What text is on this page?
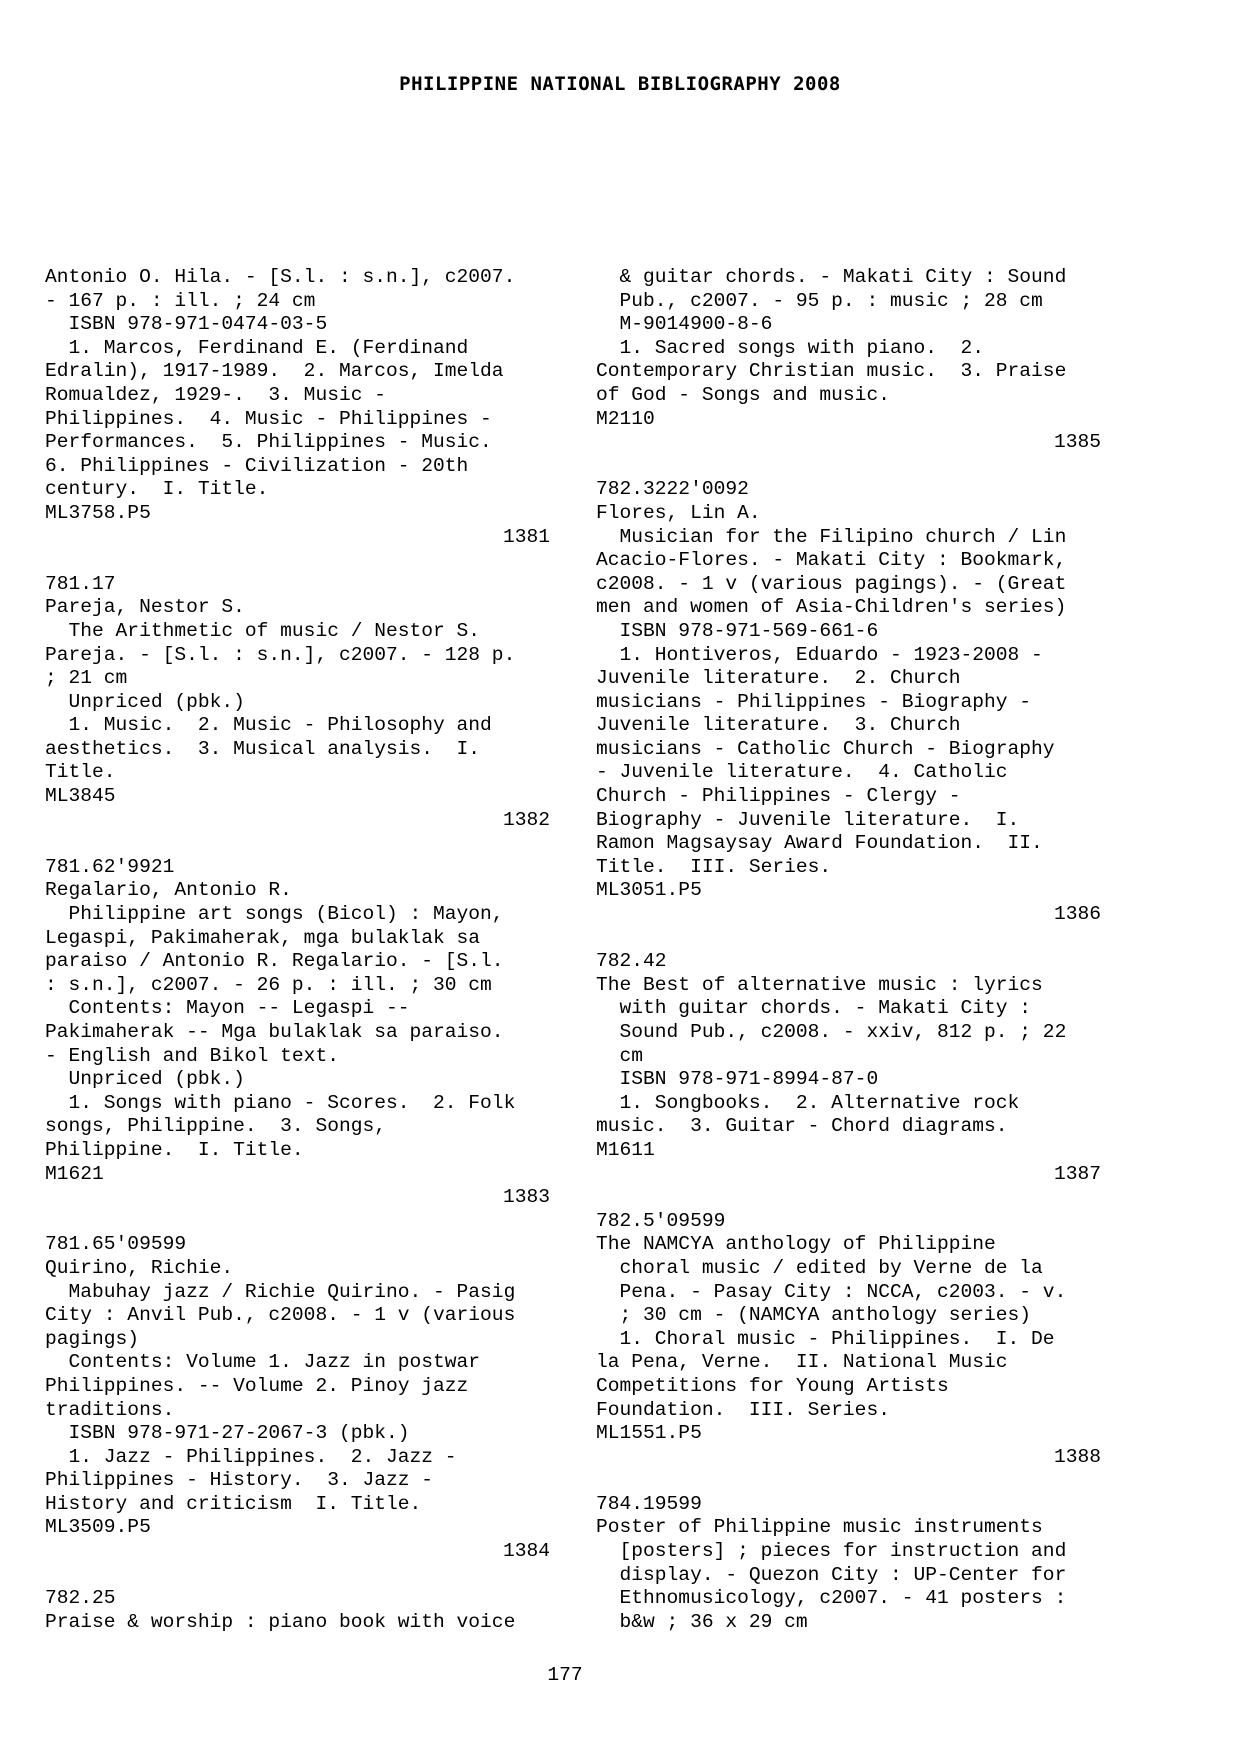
PHILIPPINE NATIONAL BIBLIOGRAPHY 2008
Antonio O. Hila. - [S.l. : s.n.], c2007.
- 167 p. : ill. ; 24 cm
ISBN 978-971-0474-03-5
1. Marcos, Ferdinand E. (Ferdinand
Edralin), 1917-1989.  2. Marcos, Imelda
Romualdez, 1929-.  3. Music -
Philippines.  4. Music - Philippines -
Performances.  5. Philippines - Music.
6. Philippines - Civilization - 20th
century.  I. Title.
ML3758.P5
1381
781.17
Pareja, Nestor S.
The Arithmetic of music / Nestor S.
Pareja. - [S.l. : s.n.], c2007. - 128 p.
; 21 cm
Unpriced (pbk.)
1. Music.  2. Music - Philosophy and
aesthetics.  3. Musical analysis.  I.
Title.
ML3845
1382
781.62'9921
Regalario, Antonio R.
Philippine art songs (Bicol) : Mayon,
Legaspi, Pakimaherak, mga bulaklak sa
paraiso / Antonio R. Regalario. - [S.l.
: s.n.], c2007. - 26 p. : ill. ; 30 cm
Contents: Mayon -- Legaspi --
Pakimaherak -- Mga bulaklak sa paraiso.
- English and Bikol text.
Unpriced (pbk.)
1. Songs with piano - Scores.  2. Folk
songs, Philippine.  3. Songs,
Philippine.  I. Title.
M1621
1383
781.65'09599
Quirino, Richie.
Mabuhay jazz / Richie Quirino. - Pasig
City : Anvil Pub., c2008. - 1 v (various
pagings)
Contents: Volume 1. Jazz in postwar
Philippines. -- Volume 2. Pinoy jazz
traditions.
ISBN 978-971-27-2067-3 (pbk.)
1. Jazz - Philippines.  2. Jazz -
Philippines - History.  3. Jazz -
History and criticism  I. Title.
ML3509.P5
1384
782.25
Praise & worship : piano book with voice
& guitar chords. - Makati City : Sound
Pub., c2007. - 95 p. : music ; 28 cm
M-9014900-8-6
1. Sacred songs with piano.  2.
Contemporary Christian music.  3. Praise
of God - Songs and music.
M2110
1385
782.3222'0092
Flores, Lin A.
Musician for the Filipino church / Lin
Acacio-Flores. - Makati City : Bookmark,
c2008. - 1 v (various pagings). - (Great
men and women of Asia-Children's series)
ISBN 978-971-569-661-6
1. Hontiveros, Eduardo - 1923-2008 -
Juvenile literature.  2. Church
musicians - Philippines - Biography -
Juvenile literature.  3. Church
musicians - Catholic Church - Biography
- Juvenile literature.  4. Catholic
Church - Philippines - Clergy -
Biography - Juvenile literature.  I.
Ramon Magsaysay Award Foundation.  II.
Title.  III. Series.
ML3051.P5
1386
782.42
The Best of alternative music : lyrics
with guitar chords. - Makati City :
Sound Pub., c2008. - xxiv, 812 p. ; 22
cm
ISBN 978-971-8994-87-0
1. Songbooks.  2. Alternative rock
music.  3. Guitar - Chord diagrams.
M1611
1387
782.5'09599
The NAMCYA anthology of Philippine
choral music / edited by Verne de la
Pena. - Pasay City : NCCA, c2003. - v.
; 30 cm - (NAMCYA anthology series)
1. Choral music - Philippines.  I. De
la Pena, Verne.  II. National Music
Competitions for Young Artists
Foundation.  III. Series.
ML1551.P5
1388
784.19599
Poster of Philippine music instruments
[posters] ; pieces for instruction and
display. - Quezon City : UP-Center for
Ethnomusicology, c2007. - 41 posters :
b&w ; 36 x 29 cm
177
